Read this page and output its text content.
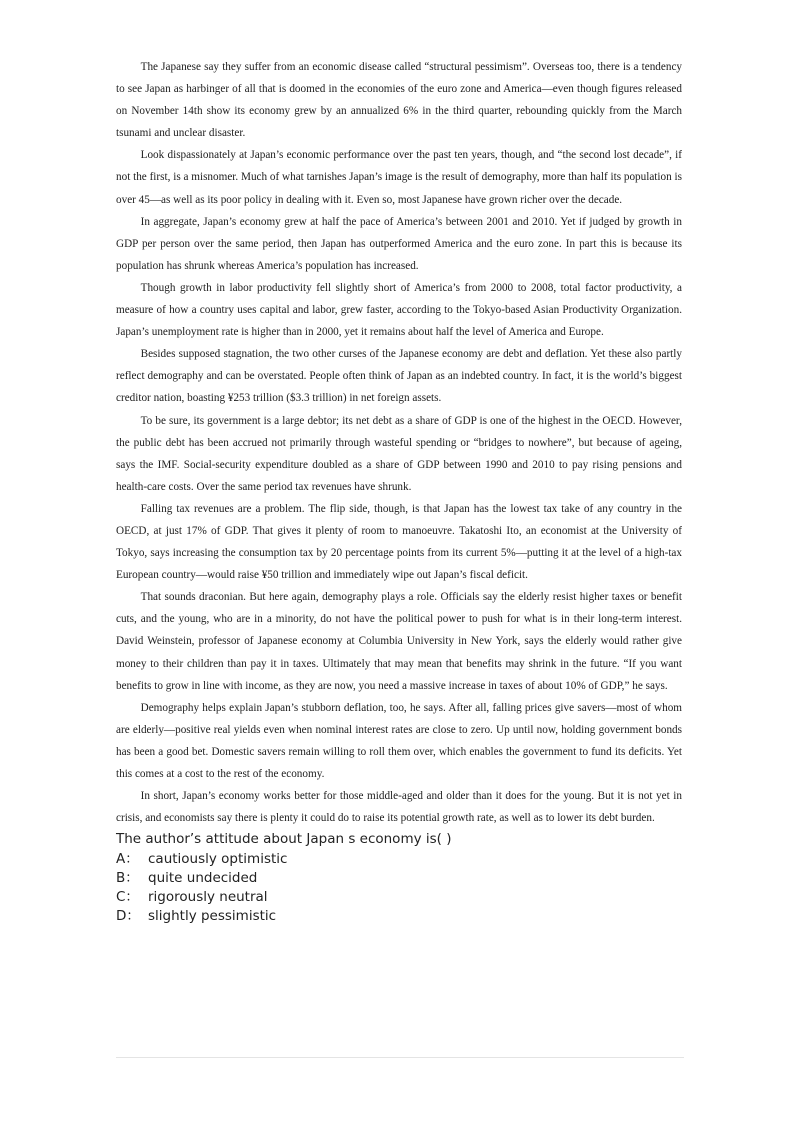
The Japanese say they suffer from an economic disease called “structural pessimism”. Overseas too, there is a tendency to see Japan as harbinger of all that is doomed in the economies of the euro zone and America—even though figures released on November 14th show its economy grew by an annualized 6% in the third quarter, rebounding quickly from the March tsunami and unclear disaster.

Look dispassionately at Japan’s economic performance over the past ten years, though, and “the second lost decade”, if not the first, is a misnomer. Much of what tarnishes Japan’s image is the result of demography, more than half its population is over 45—as well as its poor policy in dealing with it. Even so, most Japanese have grown richer over the decade.

In aggregate, Japan’s economy grew at half the pace of America’s between 2001 and 2010. Yet if judged by growth in GDP per person over the same period, then Japan has outperformed America and the euro zone. In part this is because its population has shrunk whereas America’s population has increased.

Though growth in labor productivity fell slightly short of America’s from 2000 to 2008, total factor productivity, a measure of how a country uses capital and labor, grew faster, according to the Tokyo-based Asian Productivity Organization. Japan’s unemployment rate is higher than in 2000, yet it remains about half the level of America and Europe.

Besides supposed stagnation, the two other curses of the Japanese economy are debt and deflation. Yet these also partly reflect demography and can be overstated. People often think of Japan as an indebted country. In fact, it is the world’s biggest creditor nation, boasting ¥253 trillion ($3.3 trillion) in net foreign assets.

To be sure, its government is a large debtor; its net debt as a share of GDP is one of the highest in the OECD. However, the public debt has been accrued not primarily through wasteful spending or “bridges to nowhere”, but because of ageing, says the IMF. Social-security expenditure doubled as a share of GDP between 1990 and 2010 to pay rising pensions and health-care costs. Over the same period tax revenues have shrunk.

Falling tax revenues are a problem. The flip side, though, is that Japan has the lowest tax take of any country in the OECD, at just 17% of GDP. That gives it plenty of room to manoeuvre. Takatoshi Ito, an economist at the University of Tokyo, says increasing the consumption tax by 20 percentage points from its current 5%—putting it at the level of a high-tax European country—would raise ¥50 trillion and immediately wipe out Japan’s fiscal deficit.

That sounds draconian. But here again, demography plays a role. Officials say the elderly resist higher taxes or benefit cuts, and the young, who are in a minority, do not have the political power to push for what is in their long-term interest. David Weinstein, professor of Japanese economy at Columbia University in New York, says the elderly would rather give money to their children than pay it in taxes. Ultimately that may mean that benefits may shrink in the future. “If you want benefits to grow in line with income, as they are now, you need a massive increase in taxes of about 10% of GDP,” he says.

Demography helps explain Japan’s stubborn deflation, too, he says. After all, falling prices give savers—most of whom are elderly—positive real yields even when nominal interest rates are close to zero. Up until now, holding government bonds has been a good bet. Domestic savers remain willing to roll them over, which enables the government to fund its deficits. Yet this comes at a cost to the rest of the economy.

In short, Japan’s economy works better for those middle-aged and older than it does for the young. But it is not yet in crisis, and economists say there is plenty it could do to raise its potential growth rate, as well as to lower its debt burden.

The author’s attitude about Japan s economy is( )

A： cautiously optimistic
B： quite undecided
C： rigorously neutral
D： slightly pessimistic
